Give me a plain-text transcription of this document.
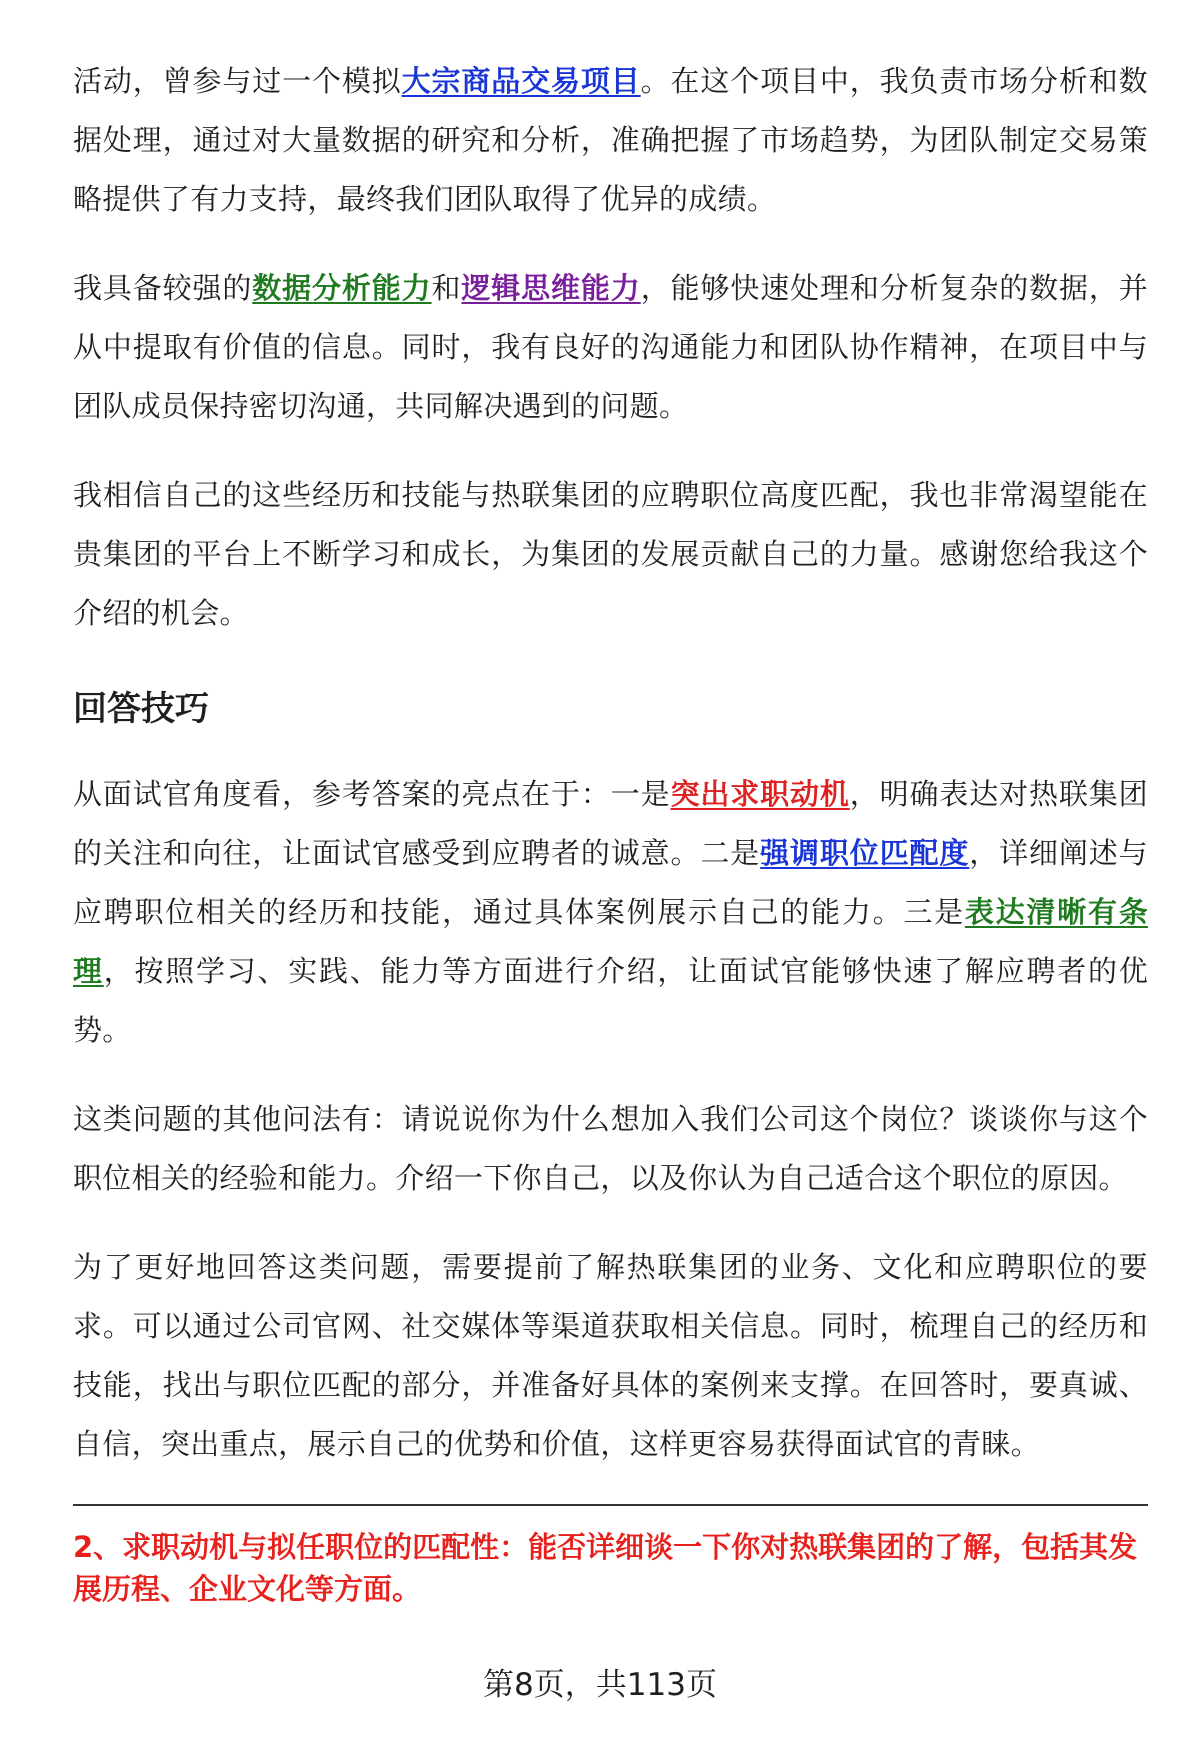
活动，曾参与过一个模拟大宗商品交易项目。在这个项目中，我负责市场分析和数据处理，通过对大量数据的研究和分析，准确把握了市场趋势，为团队制定交易策略提供了有力支持，最终我们团队取得了优异的成绩。

我具备较强的数据分析能力和逻辑思维能力，能够快速处理和分析复杂的数据，并从中提取有价值的信息。同时，我有良好的沟通能力和团队协作精神，在项目中与团队成员保持密切沟通，共同解决遇到的问题。

我相信自己的这些经历和技能与热联集团的应聘职位高度匹配，我也非常渴望能在贵集团的平台上不断学习和成长，为集团的发展贡献自己的力量。感谢您给我这个介绍的机会。

回答技巧

从面试官角度看，参考答案的亮点在于：一是突出求职动机，明确表达对热联集团的关注和向往，让面试官感受到应聘者的诚意。二是强调职位匹配度，详细阐述与应聘职位相关的经历和技能，通过具体案例展示自己的能力。三是表达清晰有条理，按照学习、实践、能力等方面进行介绍，让面试官能够快速了解应聘者的优势。

这类问题的其他问法有：请说说你为什么想加入我们公司这个岗位？谈谈你与这个职位相关的经验和能力。介绍一下你自己，以及你认为自己适合这个职位的原因。

为了更好地回答这类问题，需要提前了解热联集团的业务、文化和应聘职位的要求。可以通过公司官网、社交媒体等渠道获取相关信息。同时，梳理自己的经历和技能，找出与职位匹配的部分，并准备好具体的案例来支撑。在回答时，要真诚、自信，突出重点，展示自己的优势和价值，这样更容易获得面试官的青睐。

2、求职动机与拟任职位的匹配性：能否详细谈一下你对热联集团的了解，包括其发展历程、企业文化等方面。
第8页，共113页
